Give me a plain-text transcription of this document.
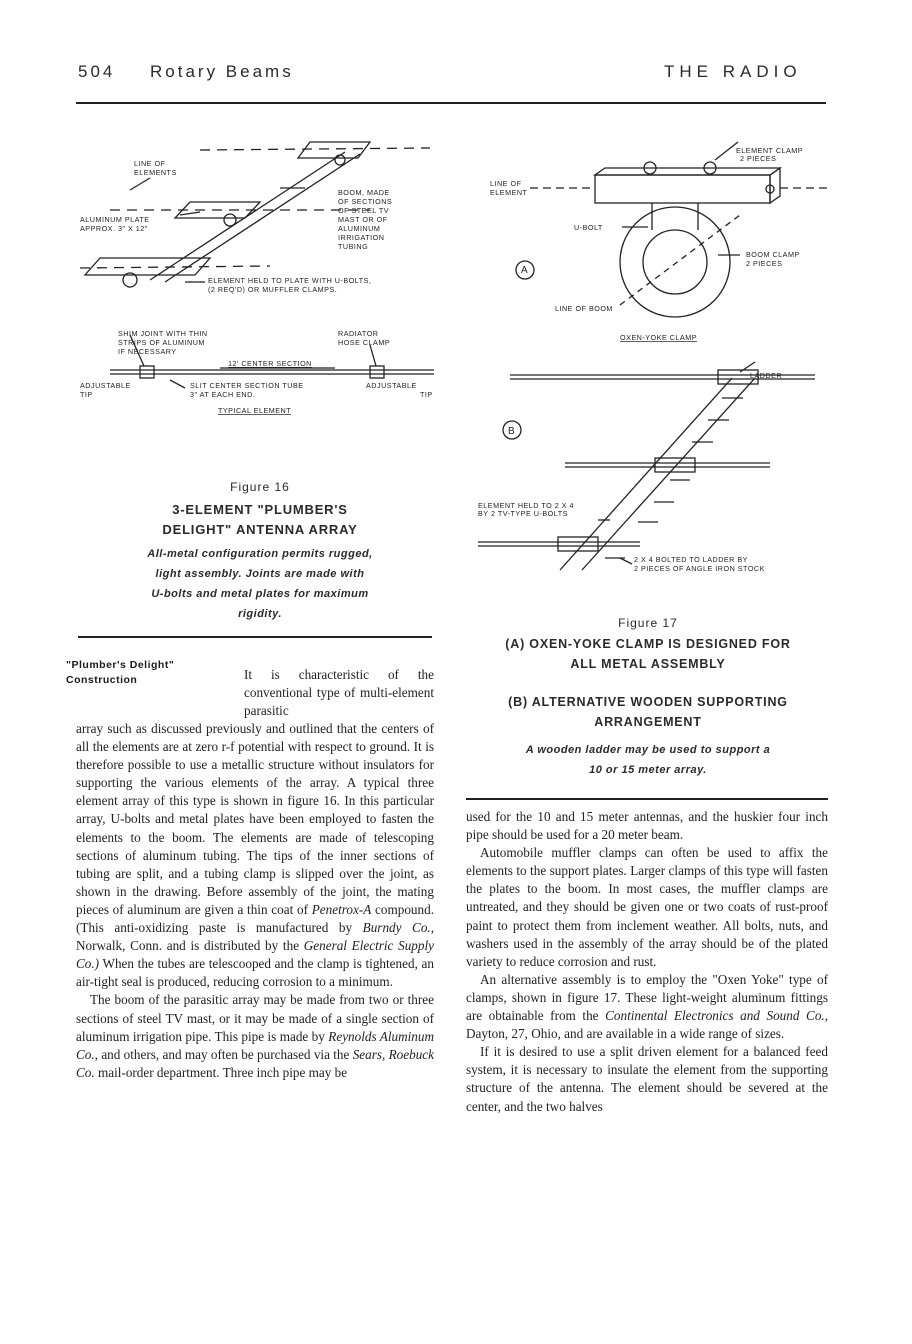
504 Rotary Beams	THE RADIO
LINE OF
ELEMENTS
BOOM, MADE
OF SECTIONS
OF STEEL TV
MAST OR OF
ALUMINUM
IRRIGATION
TUBING
ALUMINUM PLATE
APPROX. 3" X 12"
ELEMENT HELD TO PLATE WITH U-BOLTS,
(2 REQ'D) OR MUFFLER CLAMPS.
SHIM JOINT WITH THIN
STRIPS OF ALUMINUM
IF NECESSARY
RADIATOR
HOSE CLAMP
12' CENTER SECTION
ADJUSTABLE
TIP
SLIT CENTER SECTION TUBE
3" AT EACH END.
ADJUSTABLE
TIP
TYPICAL ELEMENT
Figure 16
3-ELEMENT "PLUMBER'S
DELIGHT" ANTENNA ARRAY
All-metal configuration permits rugged,
light assembly. Joints are made with
U-bolts and metal plates for maximum
rigidity.
ELEMENT CLAMP
2 PIECES
LINE OF
ELEMENT
U-BOLT
BOOM CLAMP
2 PIECES
A
LINE OF BOOM
OXEN-YOKE CLAMP
LADDER
B
ELEMENT HELD TO 2 X 4
BY 2 TV-TYPE U-BOLTS
2 X 4 BOLTED TO LADDER BY
2 PIECES OF ANGLE IRON STOCK
Figure 17
(A) OXEN-YOKE CLAMP IS DESIGNED FOR
ALL METAL ASSEMBLY
(B) ALTERNATIVE WOODEN SUPPORTING
ARRANGEMENT
A wooden ladder may be used to support a
10 or 15 meter array.
"Plumber's Delight"
Construction	It is characteristic of the conventional type of multi-element parasitic

array such as discussed previously and outlined that the centers of all the elements are at zero r-f potential with respect to ground. It is therefore possible to use a metallic structure without insulators for supporting the various elements of the array. A typical three element array of this type is shown in figure 16. In this particular array, U-bolts and metal plates have been employed to fasten the elements to the boom. The elements are made of telescoping sections of aluminum tubing. The tips of the inner sections of tubing are split, and a tubing clamp is slipped over the joint, as shown in the drawing. Before assembly of the joint, the mating pieces of aluminum are given a thin coat of Penetrox-A compound. (This anti-oxidizing paste is manufactured by Burndy Co., Norwalk, Conn. and is distributed by the General Electric Supply Co.) When the tubes are telescooped and the clamp is tightened, an air-tight seal is produced, reducing corrosion to a minimum.

The boom of the parasitic array may be made from two or three sections of steel TV mast, or it may be made of a single section of aluminum irrigation pipe. This pipe is made by Reynolds Aluminum Co., and others, and may often be purchased via the Sears, Roebuck Co. mail-order department. Three inch pipe may be

used for the 10 and 15 meter antennas, and the huskier four inch pipe should be used for a 20 meter beam.

Automobile muffler clamps can often be used to affix the elements to the support plates. Larger clamps of this type will fasten the plates to the boom. In most cases, the muffler clamps are untreated, and they should be given one or two coats of rust-proof paint to protect them from inclement weather. All bolts, nuts, and washers used in the assembly of the array should be of the plated variety to reduce corrosion and rust.

An alternative assembly is to employ the "Oxen Yoke" type of clamps, shown in figure 17. These light-weight aluminum fittings are obtainable from the Continental Electronics and Sound Co., Dayton, 27, Ohio, and are available in a wide range of sizes.

If it is desired to use a split driven element for a balanced feed system, it is necessary to insulate the element from the supporting structure of the antenna. The element should be severed at the center, and the two halves
